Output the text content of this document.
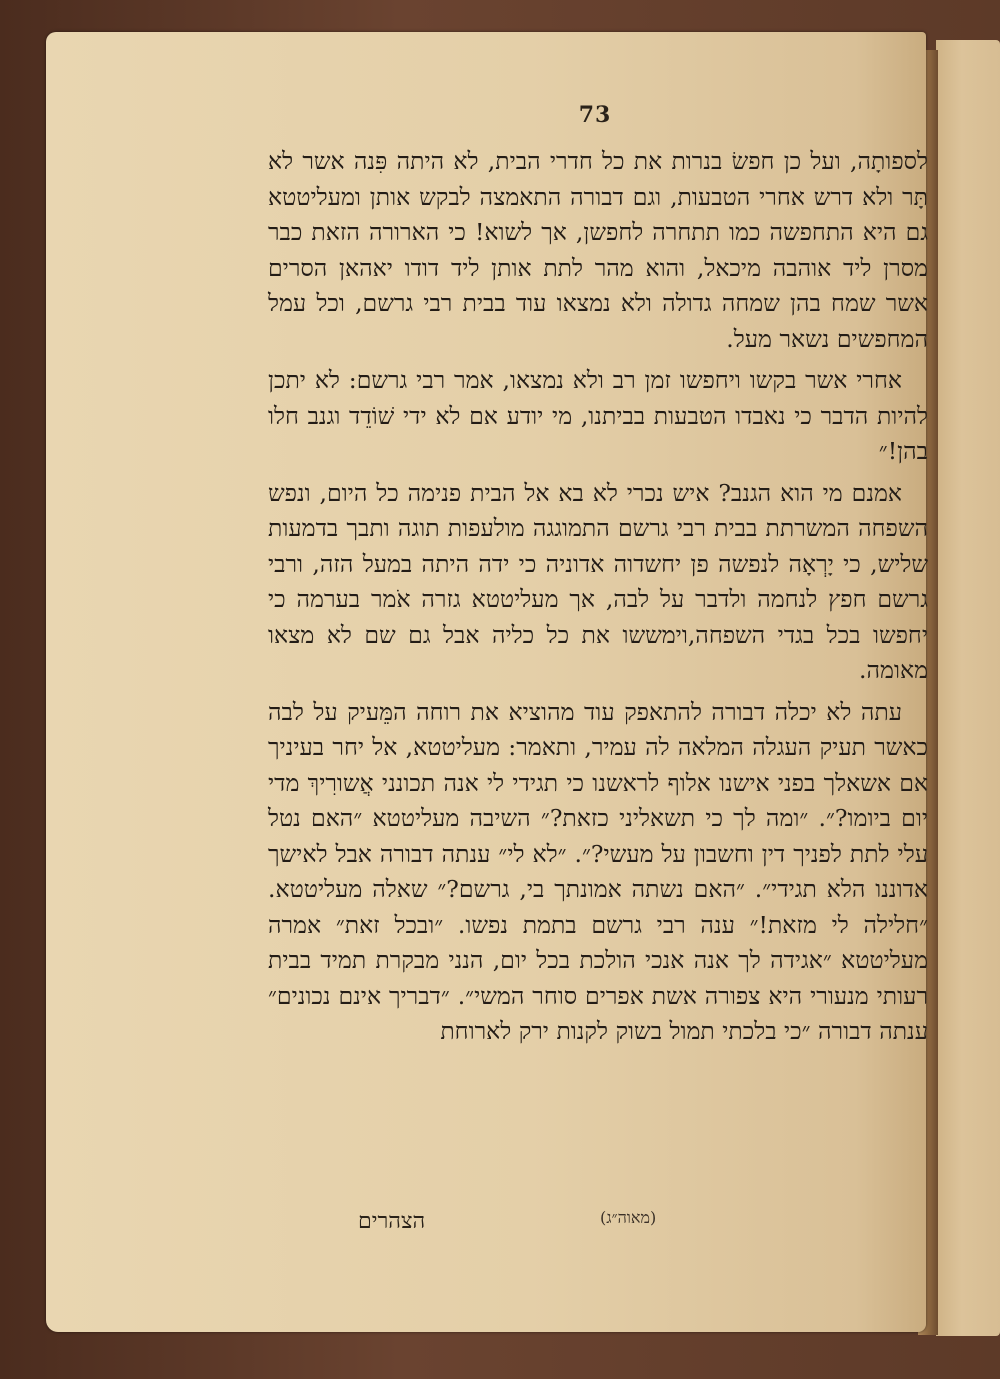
73

לספותָה, ועל כן חפשׂ בנרות את כל חדרי הבית, לא היתה פִּנה אשר לא תָּר ולא דרש אחרי הטבעות, וגם דבורה התאמצה לבקש אותן ומעליטטא גם היא התחפשה כמו תתחרה לחפשן, אך לשוא! כי הארורה הזאת כבר מסרן ליד אוהבה מיכאל, והוא מהר לתת אותן ליד דודו יאהאן הסרים אשר שמח בהן שמחה גדולה ולא נמצאו עוד בבית רבי גרשם, וכל עמל המחפשים נשאר מעל.

אחרי אשר בקשו ויחפשו זמן רב ולא נמצאו, אמר רבי גרשם: לא יתכן להיות הדבר כי נאבדו הטבעות בביתנו, מי יודע אם לא ידי שׁוֹדֵד וגנב חלו בהן!״

אמנם מי הוא הגנב? איש נכרי לא בא אל הבית פנימה כל היום, ונפש השפחה המשרתת בבית רבי גרשם התמוגגה מולעפות תוגה ותבך בדמעות שליש, כי יָרְאָה לנפשה פן יחשדוה אדוניה כי ידה היתה במעל הזה, ורבי גרשם חפץ לנחמה ולדבר על לבה, אך מעליטטא גזרה אֹמר בערמה כי יחפשו בכל בגדי השפחה,וימששו את כל כליה אבל גם שם לא מצאו מאומה.

עתה לא יכלה דבורה להתאפק עוד מהוציא את רוחה המֵּעיק על לבה כאשר תעיק העגלה המלאה לה עמיר, ותאמר: מעליטטא, אל יחר בעיניך אם אשאלך בפני אישנו אלוף לראשנו כי תגידי לי אנה תכונני אֲשורִיךְ מדי יום ביומו?״. ״ומה לך כי תשאליני כזאת?״ השיבה מעליטטא ״האם נטל עלי לתת לפניך דין וחשבון על מעשי?״. ״לא לי״ ענתה דבורה אבל לאישך אדוננו הלא תגידי״. ״האם נשתה אמונתך בי, גרשם?״ שאלה מעליטטא. ״חלילה לי מזאת!״ ענה רבי גרשם בתמת נפשו. ״ובכל זאת״ אמרה מעליטטא ״אגידה לך אנה אנכי הולכת בכל יום, הנני מבקרת תמיד בבית רעותי מנעורי היא צפורה אשת אפרים סוחר המשי״. ״דבריך אינם נכונים״ ענתה דבורה ״כי בלכתי תמול בשוק לקנות ירק לארוחת

(מאוה״ג)
הצהרים
